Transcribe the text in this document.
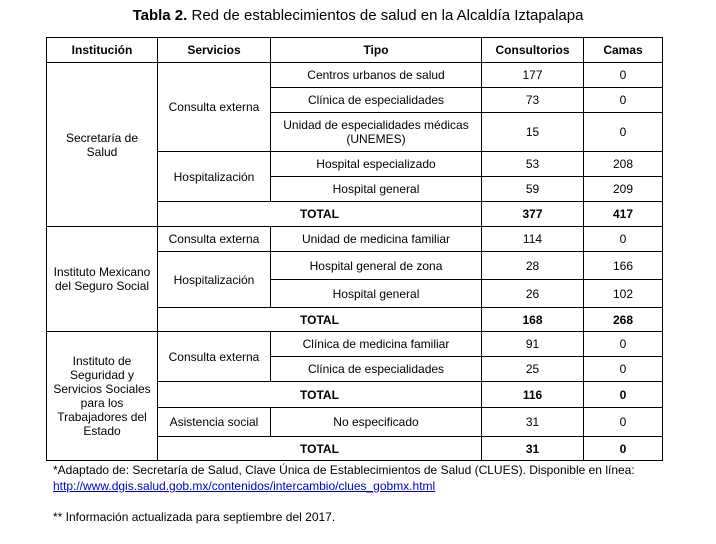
Tabla 2. Red de establecimientos de salud en la Alcaldía Iztapalapa
Institución	Servicios	Tipo	Consultorios	Camas
Secretaría de Salud	Consulta externa	Centros urbanos de salud	177	0
		Clínica de especialidades	73	0
		Unidad de especialidades médicas (UNEMES)	15	0
	Hospitalización	Hospital especializado	53	208
		Hospital general	59	209
	TOTAL		377	417
Instituto Mexicano del Seguro Social	Consulta externa	Unidad de medicina familiar	114	0
	Hospitalización	Hospital general de zona	28	166
		Hospital general	26	102
	TOTAL		168	268
Instituto de Seguridad y Servicios Sociales para los Trabajadores del Estado	Consulta externa	Clínica de medicina familiar	91	0
		Clínica de especialidades	25	0
	TOTAL		116	0
	Asistencia social	No especificado	31	0
	TOTAL		31	0
*Adaptado de: Secretaría de Salud, Clave Única de Establecimientos de Salud (CLUES). Disponible en línea:
http://www.dgis.salud.gob.mx/contenidos/intercambio/clues_gobmx.html
** Información actualizada para septiembre del 2017.
